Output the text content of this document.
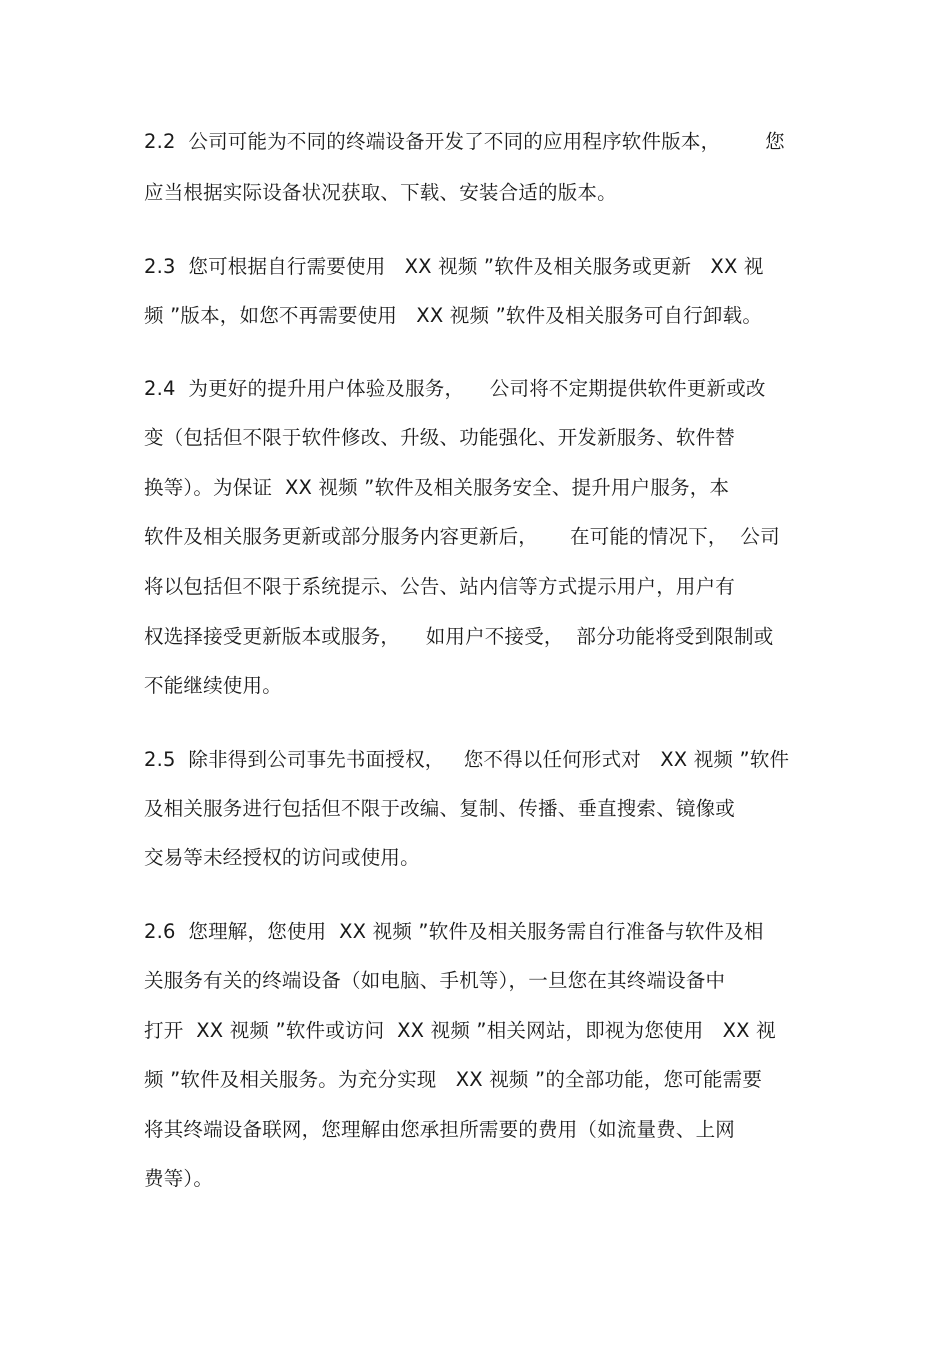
2.2  公司可能为不同的终端设备开发了不同的应用程序软件版本，       您
应当根据实际设备状况获取、下载、安装合适的版本。
2.3  您可根据自行需要使用   XX 视频 ”软件及相关服务或更新   XX 视
频 ”版本，如您不再需要使用   XX 视频 ”软件及相关服务可自行卸载。
2.4  为更好的提升用户体验及服务，    公司将不定期提供软件更新或改
变（包括但不限于软件修改、升级、功能强化、开发新服务、软件替
换等）。为保证  XX 视频 ”软件及相关服务安全、提升用户服务，本
软件及相关服务更新或部分服务内容更新后，     在可能的情况下，  公司
将以包括但不限于系统提示、公告、站内信等方式提示用户，用户有
权选择接受更新版本或服务，    如用户不接受，  部分功能将受到限制或
不能继续使用。
2.5  除非得到公司事先书面授权，   您不得以任何形式对   XX 视频 ”软件
及相关服务进行包括但不限于改编、复制、传播、垂直搜索、镜像或
交易等未经授权的访问或使用。
2.6  您理解，您使用  XX 视频 ”软件及相关服务需自行准备与软件及相
关服务有关的终端设备（如电脑、手机等），一旦您在其终端设备中
打开  XX 视频 ”软件或访问  XX 视频 ”相关网站，即视为您使用   XX 视
频 ”软件及相关服务。为充分实现   XX 视频 ”的全部功能，您可能需要
将其终端设备联网，您理解由您承担所需要的费用（如流量费、上网
费等）。
